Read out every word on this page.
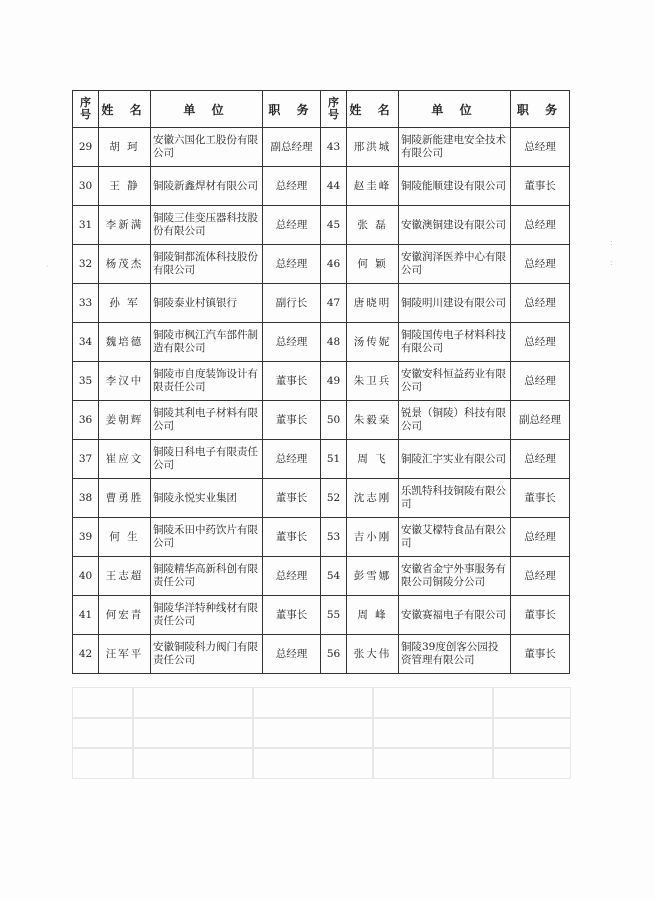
序号	姓 名	单 位	职 务	序号	姓 名	单 位	职 务
29	胡 珂	安徽六国化工股份有限公司	副总经理	43	邢洪城	铜陵新能建电安全技术有限公司	总经理
30	王 静	铜陵新鑫焊材有限公司	总经理	44	赵圭峰	铜陵能顺建设有限公司	董事长
31	李新满	铜陵三佳变压器科技股份有限公司	总经理	45	张 磊	安徽澳铜建设有限公司	总经理
32	杨茂杰	铜陵铜都流体科技股份有限公司	总经理	46	何 颖	安徽润泽医养中心有限公司	总经理
33	孙 军	铜陵泰业村镇银行	副行长	47	唐晓明	铜陵明川建设有限公司	总经理
34	魏培德	铜陵市枫江汽车部件制造有限公司	总经理	48	汤传妮	铜陵国传电子材料科技有限公司	总经理
35	李汉中	铜陵市自度装饰设计有限责任公司	董事长	49	朱卫兵	安徽安科恒益药业有限公司	总经理
36	姜朝辉	铜陵其利电子材料有限公司	董事长	50	朱毅桒	锐景（铜陵）科技有限公司	副总经理
37	崔应文	铜陵日科电子有限责任公司	总经理	51	周 飞	铜陵汇宇实业有限公司	总经理
38	曹勇胜	铜陵永悦实业集团	董事长	52	沈志刚	乐凯特科技铜陵有限公司	董事长
39	何 生	铜陵禾田中药饮片有限公司	董事长	53	吉小刚	安徽艾檬特食品有限公司	总经理
40	王志超	铜陵精华高新科创有限责任公司	总经理	54	彭雪娜	安徽省金宁外事服务有限公司铜陵分公司	总经理
41	何宏青	铜陵华洋特种线材有限责任公司	董事长	55	周 峰	安徽赛福电子有限公司	董事长
42	汪军平	安徽铜陵科力阀门有限责任公司	总经理	56	张大伟	铜陵39度创客公园投资管理有限公司	董事长
:
:
·
